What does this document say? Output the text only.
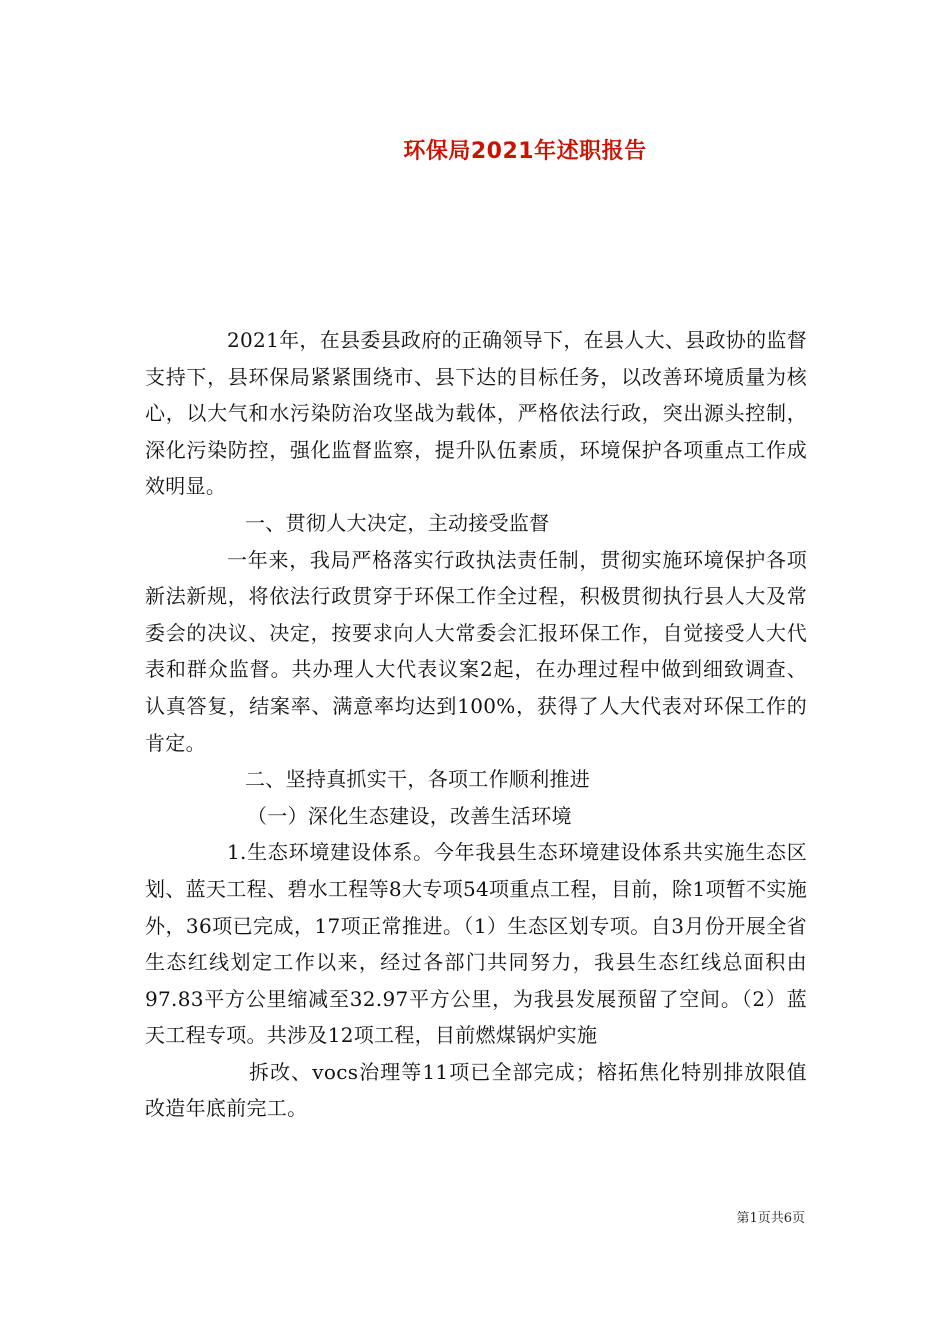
环保局2021年述职报告

2021年，在县委县政府的正确领导下，在县人大、县政协的监督支持下，县环保局紧紧围绕市、县下达的目标任务，以改善环境质量为核心，以大气和水污染防治攻坚战为载体，严格依法行政，突出源头控制，深化污染防控，强化监督监察，提升队伍素质，环境保护各项重点工作成效明显。

一、贯彻人大决定，主动接受监督

一年来，我局严格落实行政执法责任制，贯彻实施环境保护各项新法新规，将依法行政贯穿于环保工作全过程，积极贯彻执行县人大及常委会的决议、决定，按要求向人大常委会汇报环保工作，自觉接受人大代表和群众监督。共办理人大代表议案2起，在办理过程中做到细致调查、认真答复，结案率、满意率均达到100%，获得了人大代表对环保工作的肯定。

二、坚持真抓实干，各项工作顺利推进

（一）深化生态建设，改善生活环境

1.生态环境建设体系。今年我县生态环境建设体系共实施生态区划、蓝天工程、碧水工程等8大专项54项重点工程，目前，除1项暂不实施外，36项已完成，17项正常推进。（1）生态区划专项。自3月份开展全省生态红线划定工作以来，经过各部门共同努力，我县生态红线总面积由97.83平方公里缩减至32.97平方公里，为我县发展预留了空间。（2）蓝天工程专项。共涉及12项工程，目前燃煤锅炉实施

拆改、vocs治理等11项已全部完成；榕拓焦化特别排放限值改造年底前完工。

第1页共6页
